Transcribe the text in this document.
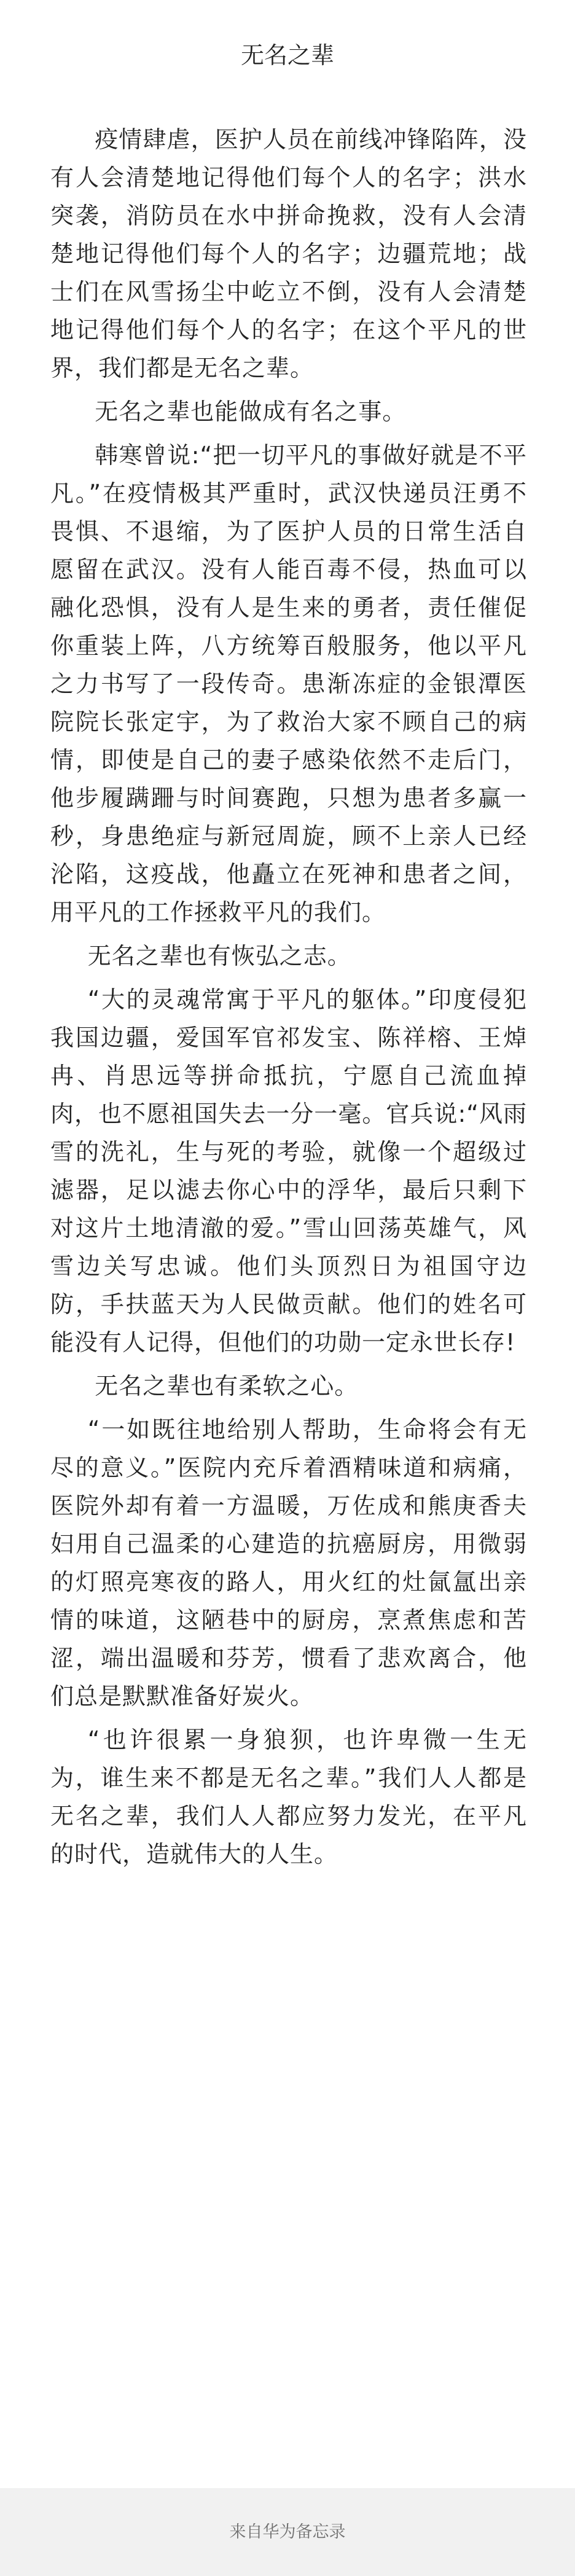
无名之辈

疫情肆虐，医护人员在前线冲锋陷阵，没有人会清楚地记得他们每个人的名字；洪水突袭，消防员在水中拼命挽救，没有人会清楚地记得他们每个人的名字；边疆荒地；战士们在风雪扬尘中屹立不倒，没有人会清楚地记得他们每个人的名字；在这个平凡的世界，我们都是无名之辈。

无名之辈也能做成有名之事。

韩寒曾说:“把一切平凡的事做好就是不平凡。”在疫情极其严重时，武汉快递员汪勇不畏惧、不退缩，为了医护人员的日常生活自愿留在武汉。没有人能百毒不侵，热血可以融化恐惧，没有人是生来的勇者，责任催促你重装上阵，八方统筹百般服务，他以平凡之力书写了一段传奇。患渐冻症的金银潭医院院长张定宇，为了救治大家不顾自己的病情，即使是自己的妻子感染依然不走后门，他步履蹒跚与时间赛跑，只想为患者多赢一秒，身患绝症与新冠周旋，顾不上亲人已经沦陷，这疫战，他矗立在死神和患者之间，用平凡的工作拯救平凡的我们。

无名之辈也有恢弘之志。

“大的灵魂常寓于平凡的躯体。”印度侵犯我国边疆，爱国军官祁发宝、陈祥榕、王焯冉、肖思远等拼命抵抗，宁愿自己流血掉肉，也不愿祖国失去一分一毫。官兵说:“风雨雪的洗礼，生与死的考验，就像一个超级过滤器，足以滤去你心中的浮华，最后只剩下对这片土地清澈的爱。”雪山回荡英雄气，风雪边关写忠诚。他们头顶烈日为祖国守边防，手扶蓝天为人民做贡献。他们的姓名可能没有人记得，但他们的功勋一定永世长存!

无名之辈也有柔软之心。

“一如既往地给别人帮助，生命将会有无尽的意义。”医院内充斥着酒精味道和病痛，医院外却有着一方温暖，万佐成和熊庚香夫妇用自己温柔的心建造的抗癌厨房，用微弱的灯照亮寒夜的路人，用火红的灶氤氲出亲情的味道，这陋巷中的厨房，烹煮焦虑和苦涩，端出温暖和芬芳，惯看了悲欢离合，他们总是默默准备好炭火。

“也许很累一身狼狈，也许卑微一生无为，谁生来不都是无名之辈。”我们人人都是无名之辈，我们人人都应努力发光，在平凡的时代，造就伟大的人生。

来自华为备忘录
